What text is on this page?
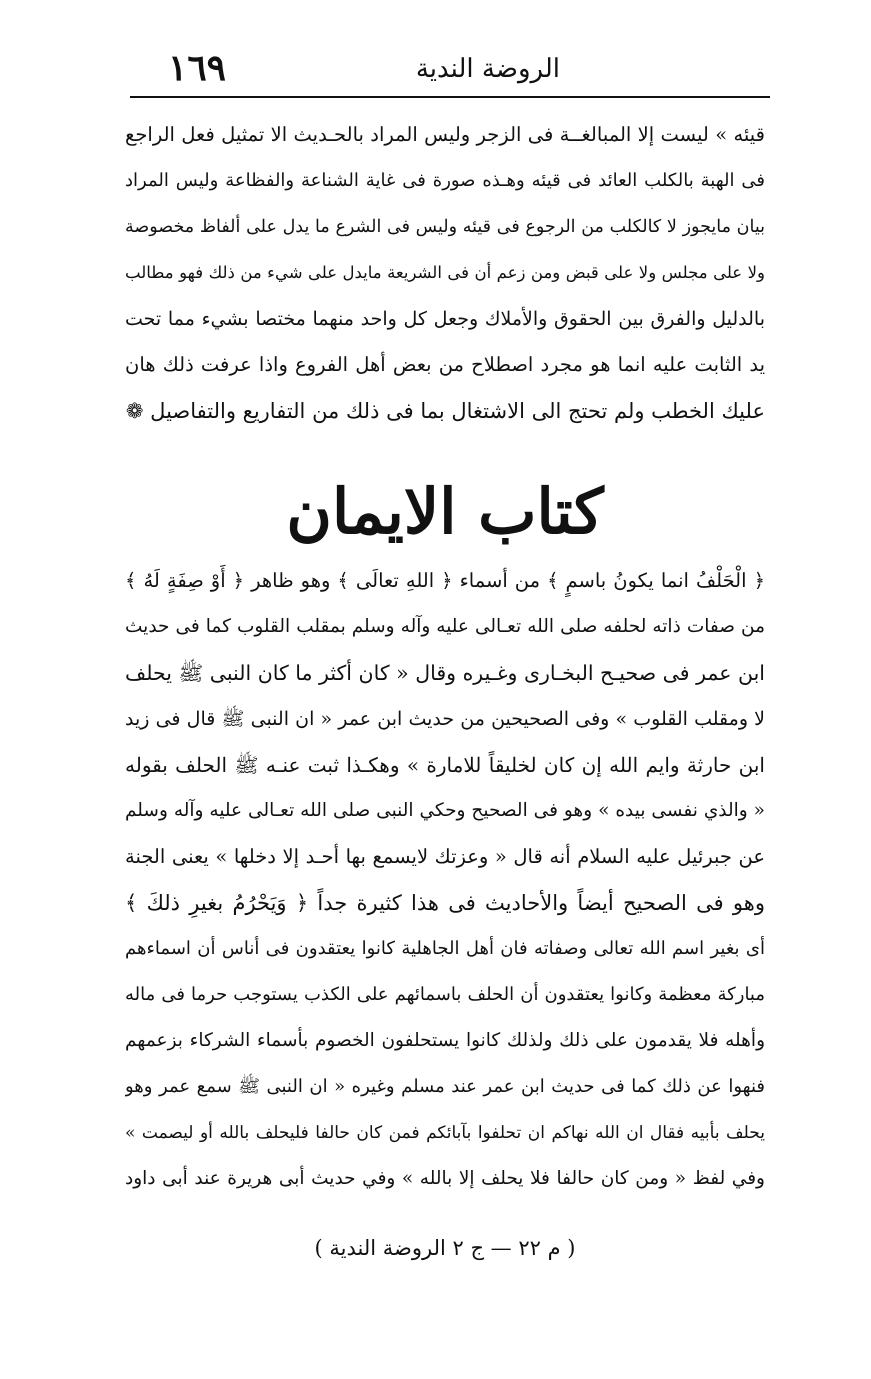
الروضة الندية
١٦٩
قيئه » ليست إلا المبالغــة فى الزجر وليس المراد بالحـديث الا تمثيل فعل الراجع
فى الهبة بالكلب العائد فى قيئه وهـذه صورة فى غاية الشناعة والفظاعة وليس المراد
بيان مايجوز لا كالكلب من الرجوع فى قيئه وليس فى الشرع ما يدل على ألفاظ مخصوصة
ولا على مجلس ولا على قبض ومن زعم أن فى الشريعة مايدل على شيء من ذلك فهو مطالب
بالدليل والفرق بين الحقوق والأملاك وجعل كل واحد منهما مختصا بشيء مما تحت
يد الثابت عليه انما هو مجرد اصطلاح من بعض أهل الفروع واذا عرفت ذلك هان
عليك الخطب ولم تحتج الى الاشتغال بما فى ذلك من التفاريع والتفاصيل ❁
كتاب الايمان
﴿ الْحَلْفُ انما يكونُ باسمٍ ﴾ من أسماء ﴿ اللهِ تعالَى ﴾ وهو ظاهر ﴿ أَوْ صِفَةٍ لَهُ ﴾
من صفات ذاته لحلفه صلى الله تعـالى عليه وآله وسلم بمقلب القلوب كما فى حديث
ابن عمر فى صحيـح البخـارى وغـيره وقال « كان أكثر ما كان النبى ﷺ يحلف
لا ومقلب القلوب » وفى الصحيحين من حديث ابن عمر « ان النبى ﷺ قال فى زيد
ابن حارثة وايم الله إن كان لخليقاً للامارة » وهكـذا ثبت عنـه ﷺ الحلف بقوله
« والذي نفسى بيده » وهو فى الصحيح وحكي النبى صلى الله تعـالى عليه وآله وسلم
عن جبرئيل عليه السلام أنه قال « وعزتك لايسمع بها أحـد إلا دخلها » يعنى الجنة
وهو فى الصحيح أيضاً والأحاديث فى هذا كثيرة جداً ﴿ وَيَحْرُمُ بغيرِ ذلكَ ﴾
أى بغير اسم الله تعالى وصفاته فان أهل الجاهلية كانوا يعتقدون فى أناس أن اسماءهم
مباركة معظمة وكانوا يعتقدون أن الحلف باسمائهم على الكذب يستوجب حرما فى ماله
وأهله فلا يقدمون على ذلك ولذلك كانوا يستحلفون الخصوم بأسماء الشركاء بزعمهم
فنهوا عن ذلك كما فى حديث ابن عمر عند مسلم وغيره « ان النبى ﷺ سمع عمر وهو
يحلف بأبيه فقال ان الله نهاكم ان تحلفوا بآبائكم فمن كان حالفا فليحلف بالله أو ليصمت »
وفي لفظ « ومن كان حالفا فلا يحلف إلا بالله » وفي حديث أبى هريرة عند أبى داود
( م ٢٢ — ج ٢ الروضة الندية )
